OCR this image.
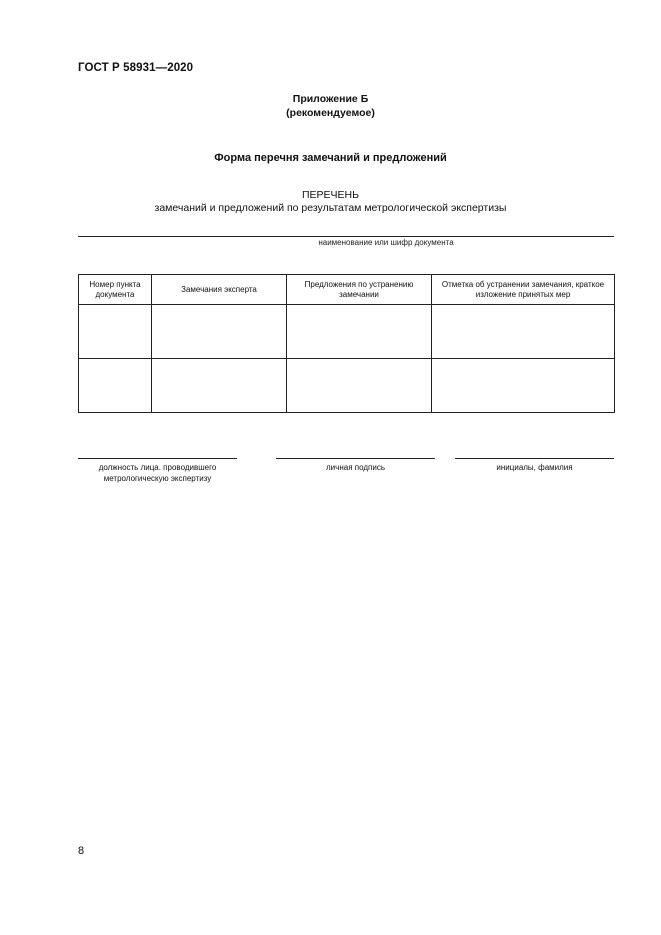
ГОСТ Р 58931—2020
Приложение Б
(рекомендуемое)
Форма перечня замечаний и предложений
ПЕРЕЧЕНЬ
замечаний и предложений по результатам метрологической экспертизы
наименование или шифр документа
Номер пункта документа	Замечания эксперта	Предложения по устранению замечании	Отметка об устранении замечания, краткое изложение принятых мер

должность лица. проводившего
метрологическую экспертизу
личная подпись	инициалы, фамилия
8
